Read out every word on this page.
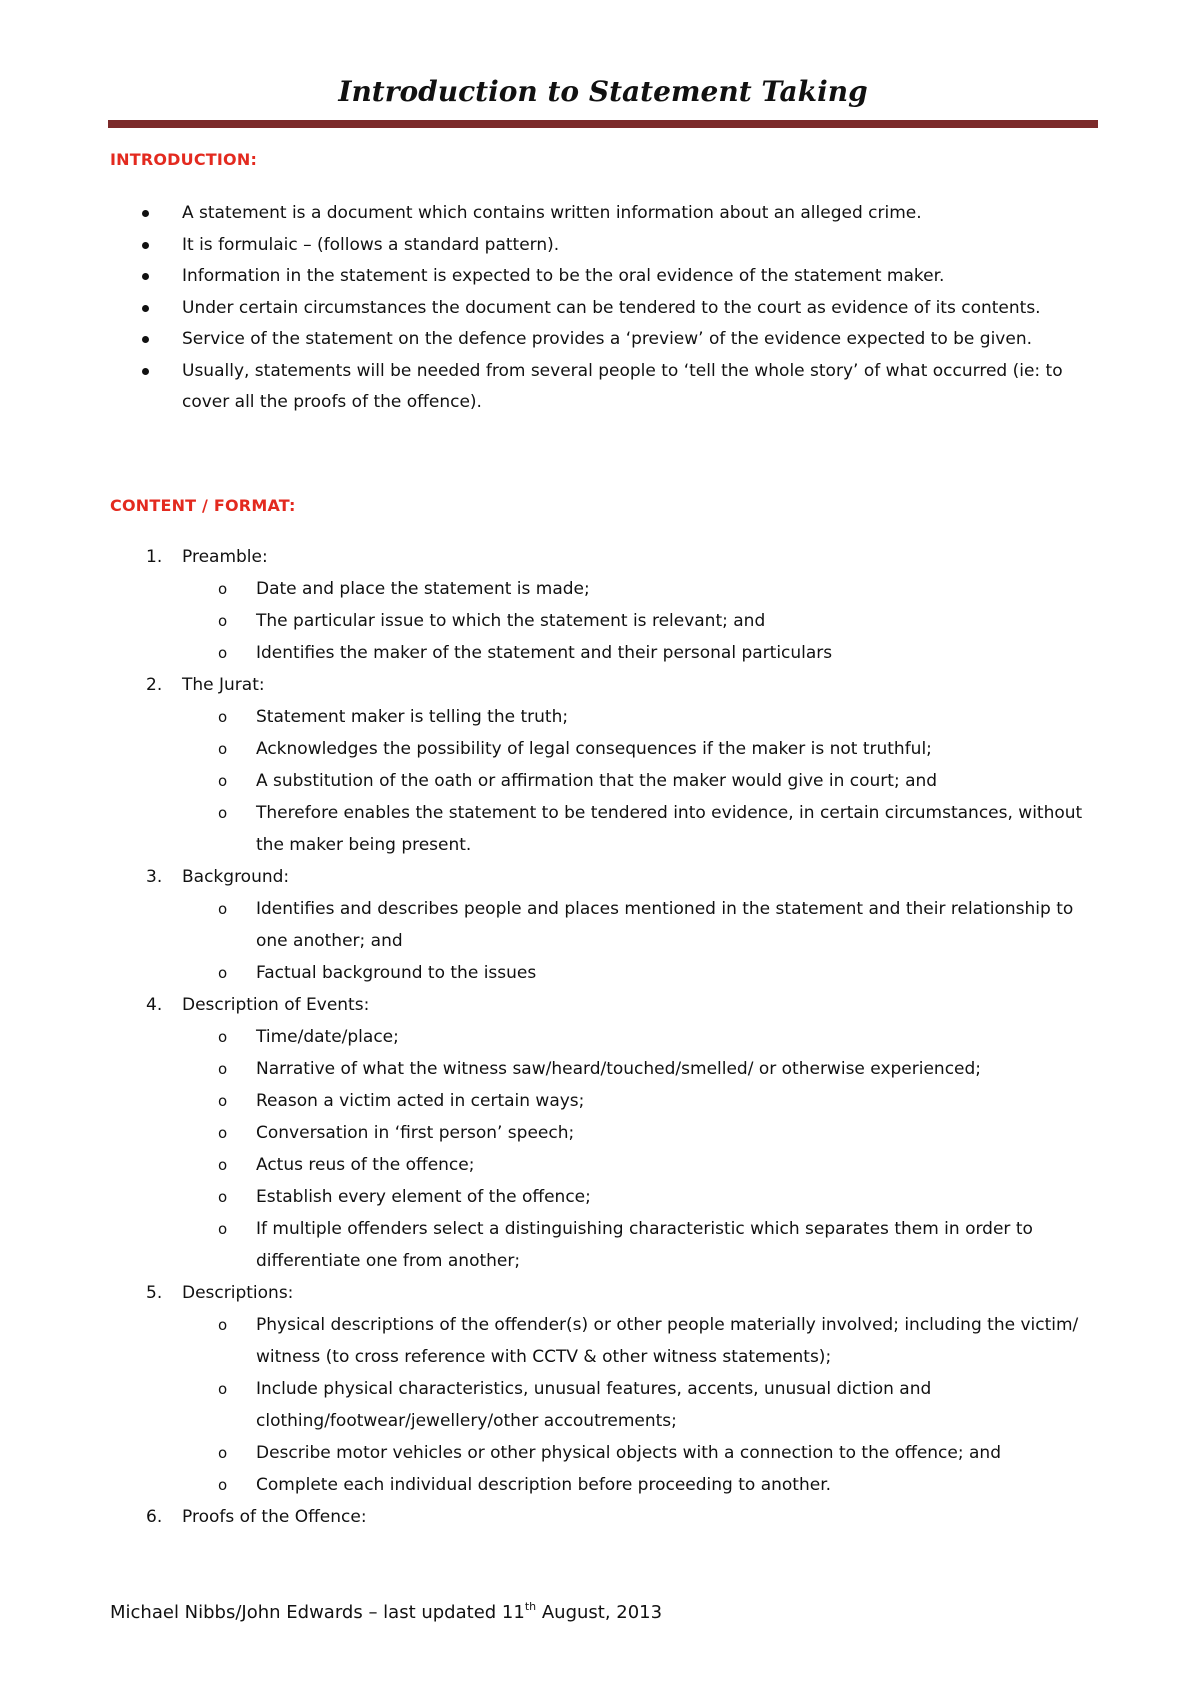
Introduction to Statement Taking
INTRODUCTION:
A statement is a document which contains written information about an alleged crime.
It is formulaic – (follows a standard pattern).
Information in the statement is expected to be the oral evidence of the statement maker.
Under certain circumstances the document can be tendered to the court as evidence of its contents.
Service of the statement on the defence provides a ‘preview’ of the evidence expected to be given.
Usually, statements will be needed from several people to ‘tell the whole story’ of what occurred (ie: to cover all the proofs of the offence).
CONTENT / FORMAT:
1. Preamble:
o Date and place the statement is made;
o The particular issue to which the statement is relevant; and
o Identifies the maker of the statement and their personal particulars
2. The Jurat:
o Statement maker is telling the truth;
o Acknowledges the possibility of legal consequences if the maker is not truthful;
o A substitution of the oath or affirmation that the maker would give in court; and
o Therefore enables the statement to be tendered into evidence, in certain circumstances, without the maker being present.
3. Background:
o Identifies and describes people and places mentioned in the statement and their relationship to one another; and
o Factual background to the issues
4. Description of Events:
o Time/date/place;
o Narrative of what the witness saw/heard/touched/smelled/ or otherwise experienced;
o Reason a victim acted in certain ways;
o Conversation in ‘first person’ speech;
o Actus reus of the offence;
o Establish every element of the offence;
o If multiple offenders select a distinguishing characteristic which separates them in order to differentiate one from another;
5. Descriptions:
o Physical descriptions of the offender(s) or other people materially involved; including the victim/ witness (to cross reference with CCTV & other witness statements);
o Include physical characteristics, unusual features, accents, unusual diction and clothing/footwear/jewellery/other accoutrements;
o Describe motor vehicles or other physical objects with a connection to the offence; and
o Complete each individual description before proceeding to another.
6. Proofs of the Offence:
Michael Nibbs/John Edwards – last updated 11th August, 2013
